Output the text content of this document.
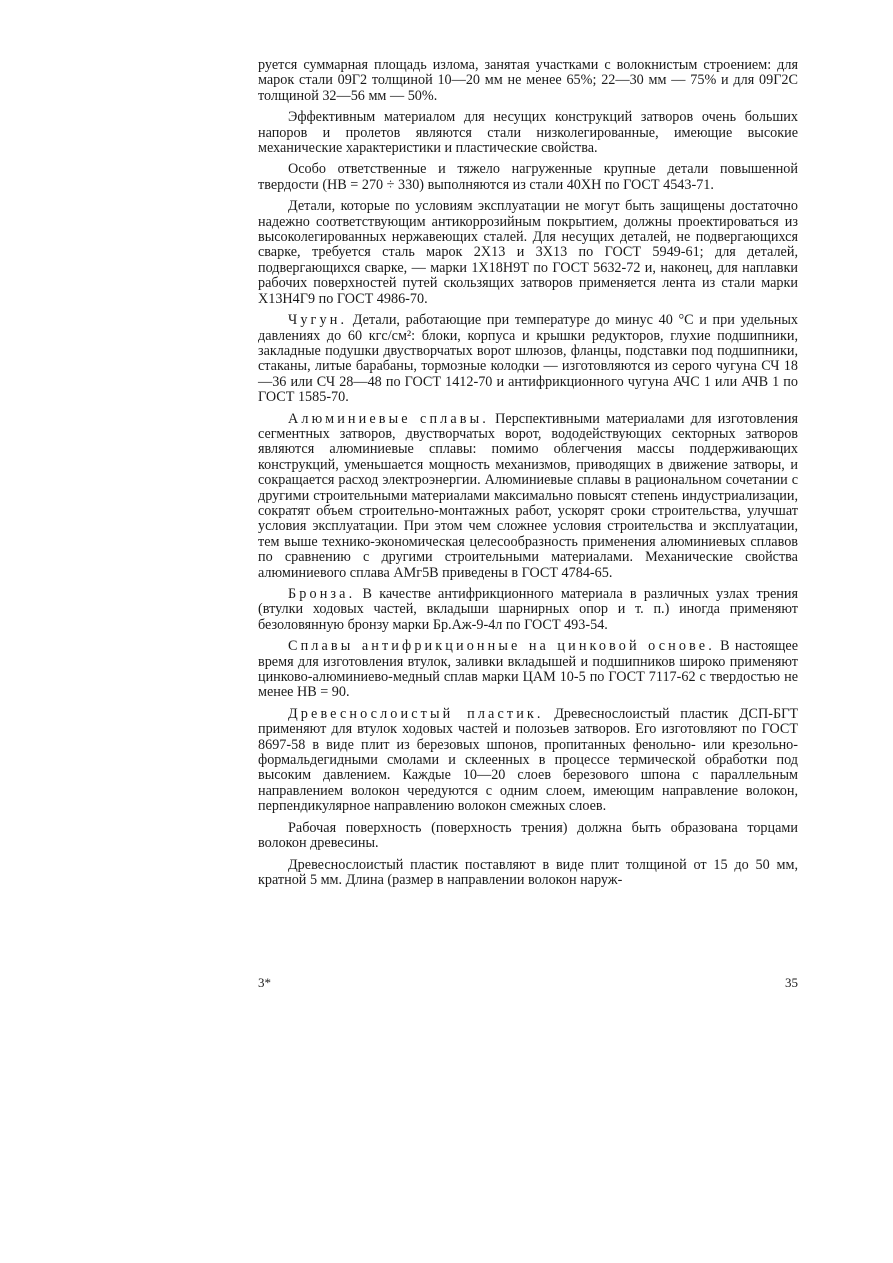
руется суммарная площадь излома, занятая участками с волокнистым строением: для марок стали 09Г2 толщиной 10—20 мм не менее 65%; 22—30 мм — 75% и для 09Г2С толщиной 32—56 мм — 50%.

Эффективным материалом для несущих конструкций затворов очень больших напоров и пролетов являются стали низколегированные, имеющие высокие механические характеристики и пластические свойства.

Особо ответственные и тяжело нагруженные крупные детали повышенной твердости (HB = 270 ÷ 330) выполняются из стали 40ХН по ГОСТ 4543-71.

Детали, которые по условиям эксплуатации не могут быть защищены достаточно надежно соответствующим антикоррозийным покрытием, должны проектироваться из высоколегированных нержавеющих сталей. Для несущих деталей, не подвергающихся сварке, требуется сталь марок 2Х13 и 3Х13 по ГОСТ 5949-61; для деталей, подвергающихся сварке, — марки 1Х18Н9Т по ГОСТ 5632-72 и, наконец, для наплавки рабочих поверхностей путей скользящих затворов применяется лента из стали марки Х13Н4Г9 по ГОСТ 4986-70.

Чугун. Детали, работающие при температуре до минус 40 °С и при удельных давлениях до 60 кгс/см²: блоки, корпуса и крышки редукторов, глухие подшипники, закладные подушки двустворчатых ворот шлюзов, фланцы, подставки под подшипники, стаканы, литые барабаны, тормозные колодки — изготовляются из серого чугуна СЧ 18—36 или СЧ 28—48 по ГОСТ 1412-70 и антифрикционного чугуна АЧС 1 или АЧВ 1 по ГОСТ 1585-70.

Алюминиевые сплавы. Перспективными материалами для изготовления сегментных затворов, двустворчатых ворот, вододействующих секторных затворов являются алюминиевые сплавы: помимо облегчения массы поддерживающих конструкций, уменьшается мощность механизмов, приводящих в движение затворы, и сокращается расход электроэнергии. Алюминиевые сплавы в рациональном сочетании с другими строительными материалами максимально повысят степень индустриализации, сократят объем строительно-монтажных работ, ускорят сроки строительства, улучшат условия эксплуатации. При этом чем сложнее условия строительства и эксплуатации, тем выше технико-экономическая целесообразность применения алюминиевых сплавов по сравнению с другими строительными материалами. Механические свойства алюминиевого сплава АМг5В приведены в ГОСТ 4784-65.

Бронза. В качестве антифрикционного материала в различных узлах трения (втулки ходовых частей, вкладыши шарнирных опор и т. п.) иногда применяют безоловянную бронзу марки Бр.Аж-9-4л по ГОСТ 493-54.

Сплавы антифрикционные на цинковой основе. В настоящее время для изготовления втулок, заливки вкладышей и подшипников широко применяют цинково-алюминиево-медный сплав марки ЦАМ 10-5 по ГОСТ 7117-62 с твердостью не менее HB = 90.

Древеснослоистый пластик. Древеснослоистый пластик ДСП-БГТ применяют для втулок ходовых частей и полозьев затворов. Его изготовляют по ГОСТ 8697-58 в виде плит из березовых шпонов, пропитанных фенольно- или крезольно-формальдегидными смолами и склеенных в процессе термической обработки под высоким давлением. Каждые 10—20 слоев березового шпона с параллельным направлением волокон чередуются с одним слоем, имеющим направление волокон, перпендикулярное направлению волокон смежных слоев.

Рабочая поверхность (поверхность трения) должна быть образована торцами волокон древесины.

Древеснослоистый пластик поставляют в виде плит толщиной от 15 до 50 мм, кратной 5 мм. Длина (размер в направлении волокон наруж-

3*	35
